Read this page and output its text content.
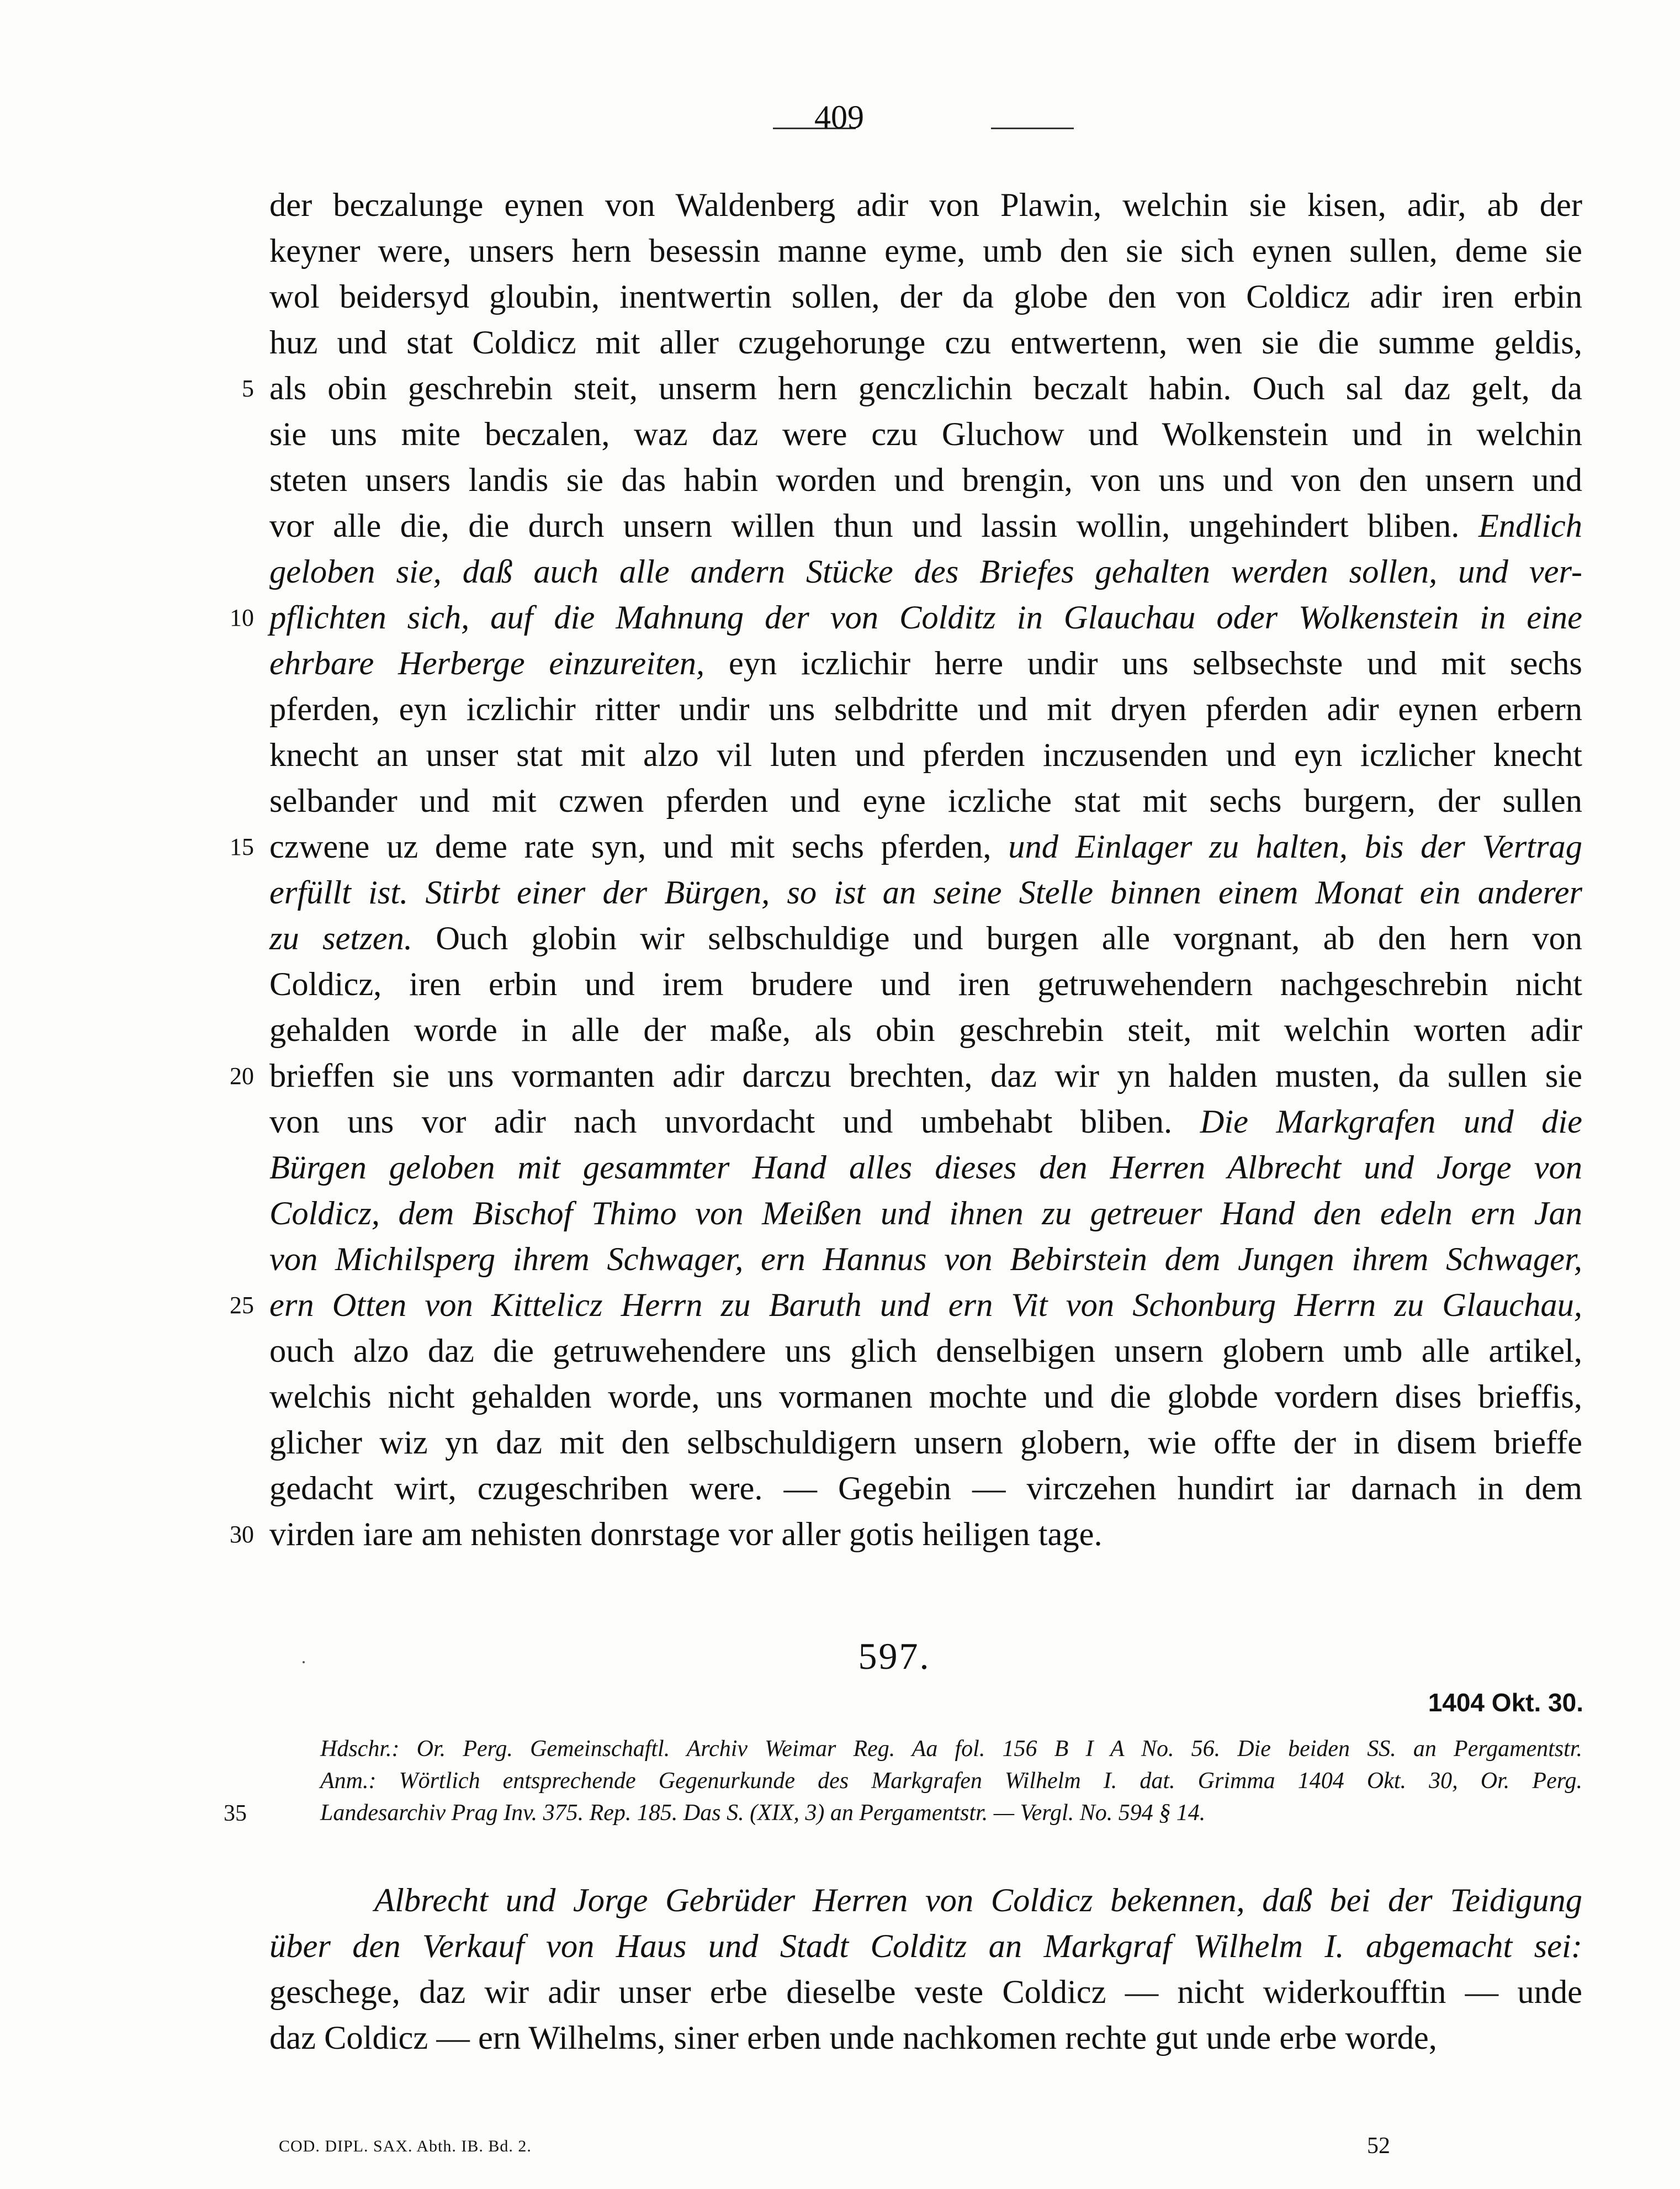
409
der beczalunge eynen von Waldenberg adir von Plawin, welchin sie kisen, adir, ab der
keyner were, unsers hern besessin manne eyme, umb den sie sich eynen sullen, deme sie
wol beidersyd gloubin, inentwertin sollen, der da globe den von Coldicz adir iren erbin
huz und stat Coldicz mit aller czugehorunge czu entwertenn, wen sie die summe geldis,
als obin geschrebin steit, unserm hern genczlichin beczalt habin. Ouch sal daz gelt, da
sie uns mite beczalen, waz daz were czu Gluchow und Wolkenstein und in welchin
steten unsers landis sie das habin worden und brengin, von uns und von den unsern und
vor alle die, die durch unsern willen thun und lassin wollin, ungehindert bliben. Endlich
geloben sie, daß auch alle andern Stücke des Briefes gehalten werden sollen, und ver-
pflichten sich, auf die Mahnung der von Colditz in Glauchau oder Wolkenstein in eine
ehrbare Herberge einzureiten, eyn iczlichir herre undir uns selbsechste und mit sechs
pferden, eyn iczlichir ritter undir uns selbdritte und mit dryen pferden adir eynen erbern
knecht an unser stat mit alzo vil luten und pferden inczusenden und eyn iczlicher knecht
selbander und mit czwen pferden und eyne iczliche stat mit sechs burgern, der sullen
czwene uz deme rate syn, und mit sechs pferden, und Einlager zu halten, bis der Vertrag
erfüllt ist. Stirbt einer der Bürgen, so ist an seine Stelle binnen einem Monat ein anderer
zu setzen. Ouch globin wir selbschuldige und burgen alle vorgnant, ab den hern von
Coldicz, iren erbin und irem brudere und iren getruwehendern nachgeschrebin nicht
gehalden worde in alle der maße, als obin geschrebin steit, mit welchin worten adir
brieffen sie uns vormanten adir darczu brechten, daz wir yn halden musten, da sullen sie
von uns vor adir nach unvordacht und umbehabt bliben. Die Markgrafen und die
Bürgen geloben mit gesammter Hand alles dieses den Herren Albrecht und Jorge von
Coldicz, dem Bischof Thimo von Meißen und ihnen zu getreuer Hand den edeln ern Jan
von Michilsperg ihrem Schwager, ern Hannus von Bebirstein dem Jungen ihrem Schwager,
ern Otten von Kittelicz Herrn zu Baruth und ern Vit von Schonburg Herrn zu Glauchau,
ouch alzo daz die getruwehendere uns glich denselbigen unsern globern umb alle artikel,
welchis nicht gehalden worde, uns vormanen mochte und die globde vordern dises brieffis,
glicher wiz yn daz mit den selbschuldigern unsern globern, wie offte der in disem brieffe
gedacht wirt, czugeschriben were. — Gegebin — virczehen hundirt iar darnach in dem
virden iare am nehisten donrstage vor aller gotis heiligen tage.
5
10
15
20
25
30
597.
1404 Okt. 30.
Hdschr.: Or. Perg. Gemeinschaftl. Archiv Weimar Reg. Aa fol. 156 B I A No. 56. Die beiden SS. an Pergamentstr.
Anm.: Wörtlich entsprechende Gegenurkunde des Markgrafen Wilhelm I. dat. Grimma 1404 Okt. 30, Or. Perg.
Landesarchiv Prag Inv. 375. Rep. 185. Das S. (XIX, 3) an Pergamentstr. — Vergl. No. 594 § 14.
35
Albrecht und Jorge Gebrüder Herren von Coldicz bekennen, daß bei der Teidigung
über den Verkauf von Haus und Stadt Colditz an Markgraf Wilhelm I. abgemacht sei:
geschege, daz wir adir unser erbe dieselbe veste Coldicz — nicht widerkoufftin — unde
daz Coldicz — ern Wilhelms, siner erben unde nachkomen rechte gut unde erbe worde,
COD. DIPL. SAX. Abth. IB. Bd. 2.	52
